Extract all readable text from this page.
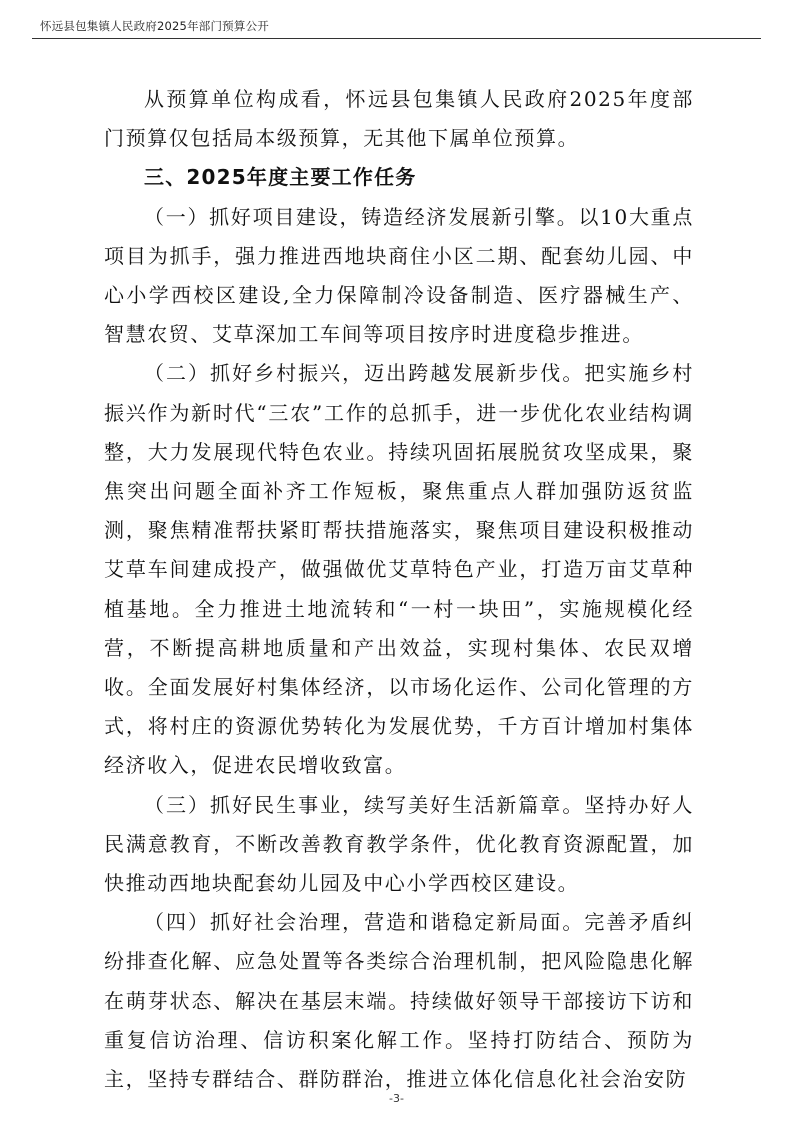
怀远县包集镇人民政府2025年部门预算公开

从预算单位构成看，怀远县包集镇人民政府2025年度部门预算仅包括局本级预算，无其他下属单位预算。

三、2025年度主要工作任务

（一）抓好项目建设，铸造经济发展新引擎。以10大重点项目为抓手，强力推进西地块商住小区二期、配套幼儿园、中心小学西校区建设,全力保障制冷设备制造、医疗器械生产、智慧农贸、艾草深加工车间等项目按序时进度稳步推进。

（二）抓好乡村振兴，迈出跨越发展新步伐。把实施乡村振兴作为新时代“三农”工作的总抓手，进一步优化农业结构调整，大力发展现代特色农业。持续巩固拓展脱贫攻坚成果，聚焦突出问题全面补齐工作短板，聚焦重点人群加强防返贫监测，聚焦精准帮扶紧盯帮扶措施落实，聚焦项目建设积极推动艾草车间建成投产，做强做优艾草特色产业，打造万亩艾草种植基地。全力推进土地流转和“一村一块田”，实施规模化经营，不断提高耕地质量和产出效益，实现村集体、农民双增收。全面发展好村集体经济，以市场化运作、公司化管理的方式，将村庄的资源优势转化为发展优势，千方百计增加村集体经济收入，促进农民增收致富。

（三）抓好民生事业，续写美好生活新篇章。坚持办好人民满意教育，不断改善教育教学条件，优化教育资源配置，加快推动西地块配套幼儿园及中心小学西校区建设。

（四）抓好社会治理，营造和谐稳定新局面。完善矛盾纠纷排查化解、应急处置等各类综合治理机制，把风险隐患化解在萌芽状态、解决在基层末端。持续做好领导干部接访下访和重复信访治理、信访积案化解工作。坚持打防结合、预防为主，坚持专群结合、群防群治，推进立体化信息化社会治安防

-3-
